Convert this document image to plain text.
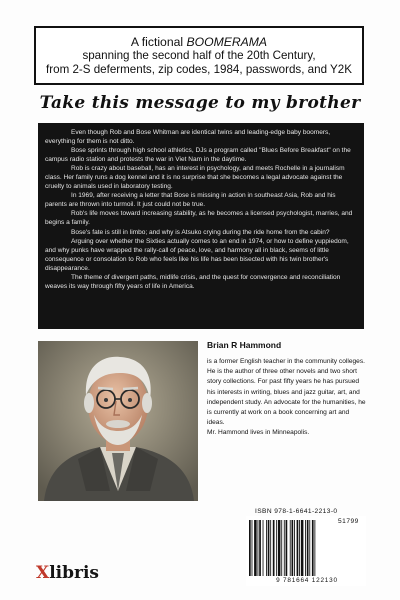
A fictional BOOMERAMA
spanning the second half of the 20th Century,
from 2-S deferments, zip codes, 1984, passwords, and Y2K
Take this message to my brother

Even though Rob and Bose Whitman are identical twins and leading-edge baby boomers, everything for them is not ditto.

Bose sprints through high school athletics, DJs a program called "Blues Before Breakfast" on the campus radio station and protests the war in Viet Nam in the daytime.

Rob is crazy about baseball, has an interest in psychology, and meets Rochelle in a journalism class. Her family runs a dog kennel and it is no surprise that she becomes a legal advocate against the cruelty to animals used in laboratory testing.

In 1969, after receiving a letter that Bose is missing in action in southeast Asia, Rob and his parents are thrown into turmoil. It just could not be true.

Rob's life moves toward increasing stability, as he becomes a licensed psychologist, marries, and begins a family.

Bose's fate is still in limbo; and why is Atsuko crying during the ride home from the cabin?

Arguing over whether the Sixties actually comes to an end in 1974, or how to define yuppiedom, and why punks have wrapped the rally-call of peace, love, and harmony all in black, seems of little consequence or consolation to Rob who feels like his life has been bisected with his twin brother's disappearance.

The theme of divergent paths, midlife crisis, and the quest for convergence and reconciliation weaves its way through fifty years of life in America.

Brian R Hammond

is a former English teacher in the community colleges. He is the author of three other novels and two short story collections. For past fifty years he has pursued his interests in writing, blues and jazz guitar, art, and independent study. An advocate for the humanities, he is currently at work on a book concerning art and ideas.

Mr. Hammond lives in Minneapolis.

ISBN 978-1-6641-2213-0
51799
9 781664 122130
Xlibris
